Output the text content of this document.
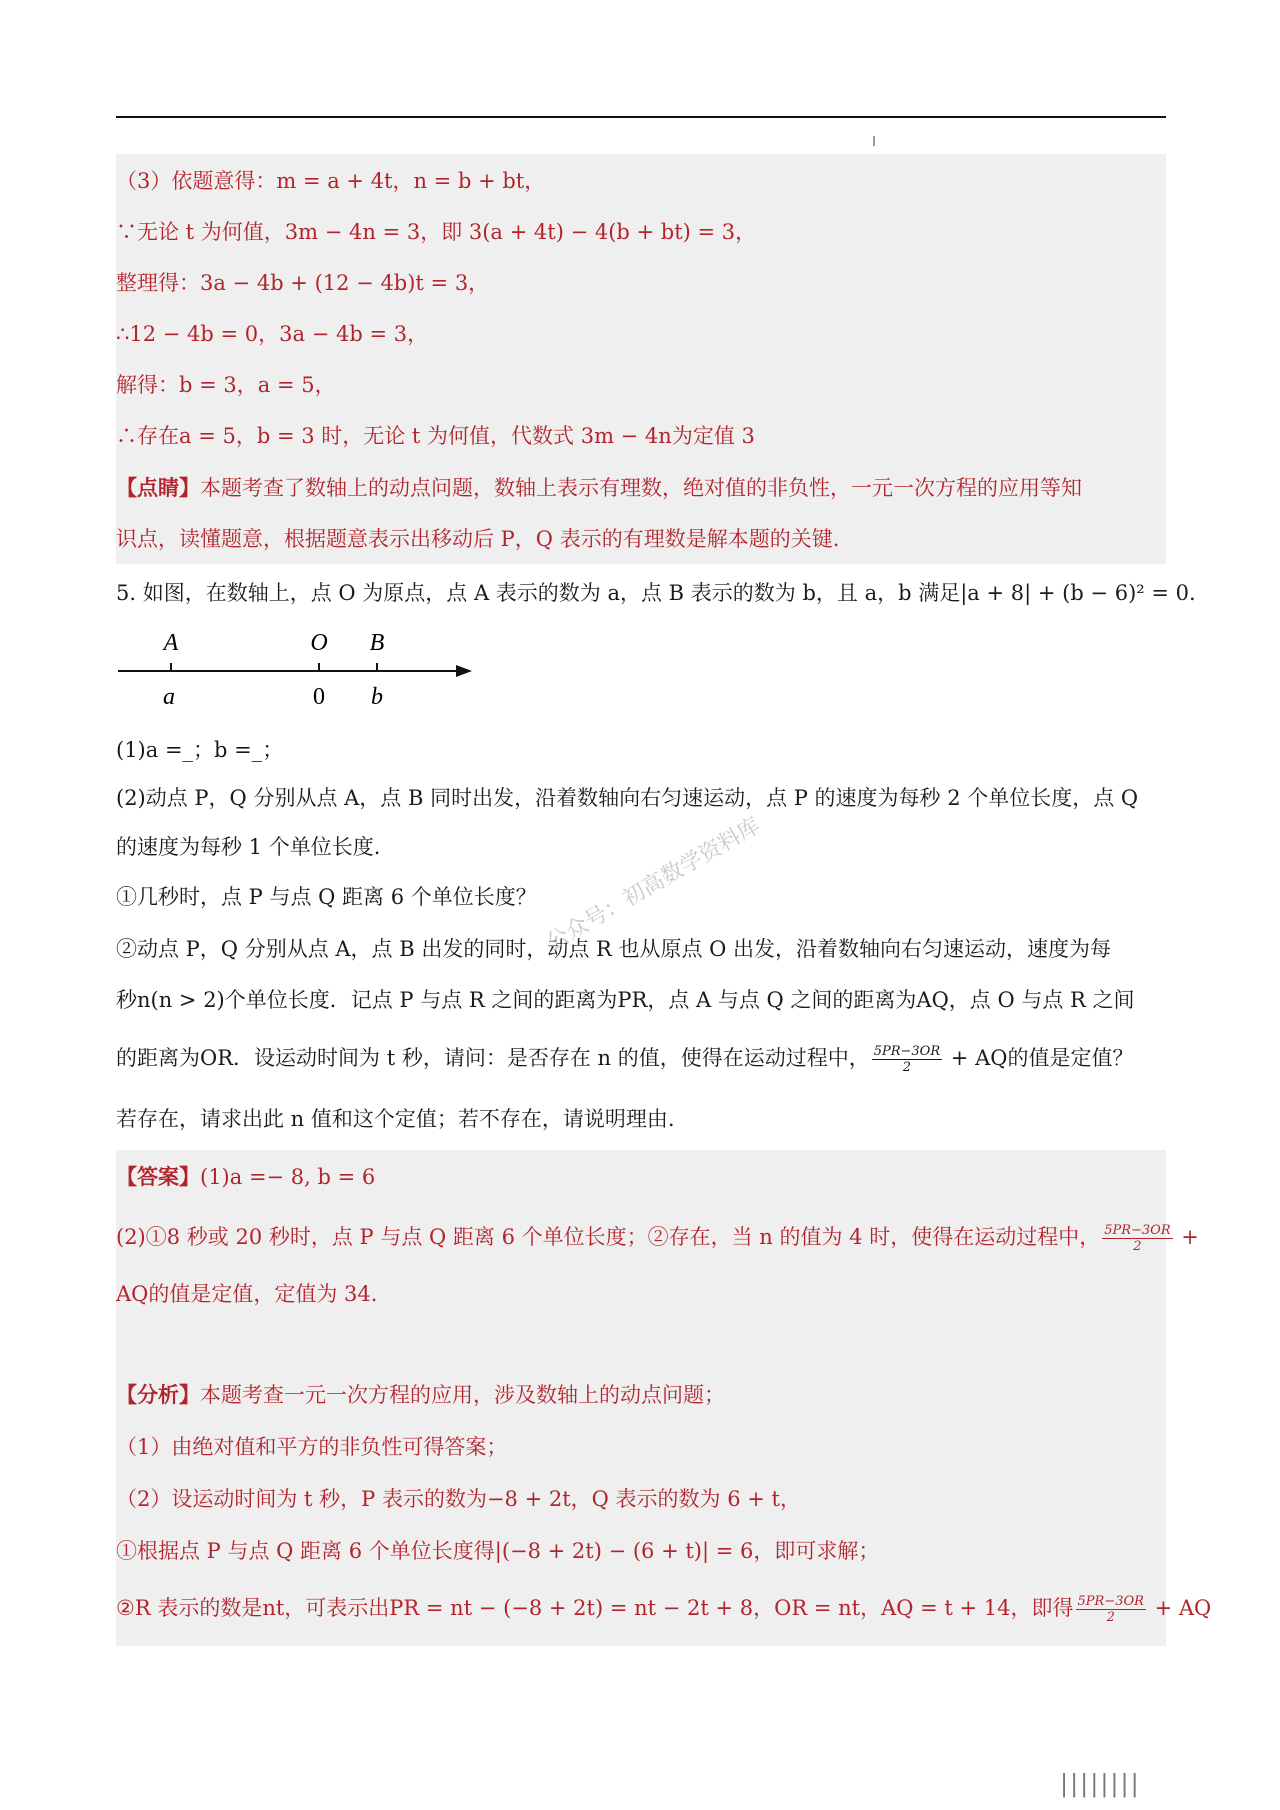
（3）依题意得：m = a + 4t，n = b + bt，
∵无论 t 为何值，3m − 4n = 3，即 3(a + 4t) − 4(b + bt) = 3，
整理得：3a − 4b + (12 − 4b)t = 3，
∴12 − 4b = 0，3a − 4b = 3，
解得：b = 3，a = 5，
∴存在a = 5，b = 3 时，无论 t 为何值，代数式 3m − 4n为定值 3
【点睛】本题考查了数轴上的动点问题，数轴上表示有理数，绝对值的非负性，一元一次方程的应用等知
识点，读懂题意，根据题意表示出移动后 P，Q 表示的有理数是解本题的关键.
5. 如图，在数轴上，点 O 为原点，点 A 表示的数为 a，点 B 表示的数为 b，且 a，b 满足|a + 8| + (b − 6)² = 0.
A	O B
a	0 b
(1)a =_；b =_；
(2)动点 P，Q 分别从点 A，点 B 同时出发，沿着数轴向右匀速运动，点 P 的速度为每秒 2 个单位长度，点 Q
的速度为每秒 1 个单位长度.
①几秒时，点 P 与点 Q 距离 6 个单位长度？
②动点 P，Q 分别从点 A，点 B 出发的同时，动点 R 也从原点 O 出发，沿着数轴向右匀速运动，速度为每
秒n(n > 2)个单位长度．记点 P 与点 R 之间的距离为PR，点 A 与点 Q 之间的距离为AQ，点 O 与点 R 之间
的距离为OR．设运动时间为 t 秒，请问：是否存在 n 的值，使得在运动过程中， $\frac{5PR-3OR}{2}$ + AQ的值是定值？
若存在，请求出此 n 值和这个定值；若不存在，请说明理由.
【答案】(1)a =− 8, b = 6
(2)①8 秒或 20 秒时，点 P 与点 Q 距离 6 个单位长度；②存在，当 n 的值为 4 时，使得在运动过程中， $\frac{5PR-3OR}{2}$ +
AQ的值是定值，定值为 34.
【分析】本题考查一元一次方程的应用，涉及数轴上的动点问题；
（1）由绝对值和平方的非负性可得答案；
（2）设运动时间为 t 秒，P 表示的数为−8 + 2t，Q 表示的数为 6 + t，
①根据点 P 与点 Q 距离 6 个单位长度得|(−8 + 2t) − (6 + t)| = 6，即可求解；
②R 表示的数是nt，可表示出PR = nt − (−8 + 2t) = nt − 2t + 8，OR = nt，AQ = t + 14，即得 $\frac{5PR-3OR}{2}$ + AQ
公众号：初高数学资料库
||||||||
